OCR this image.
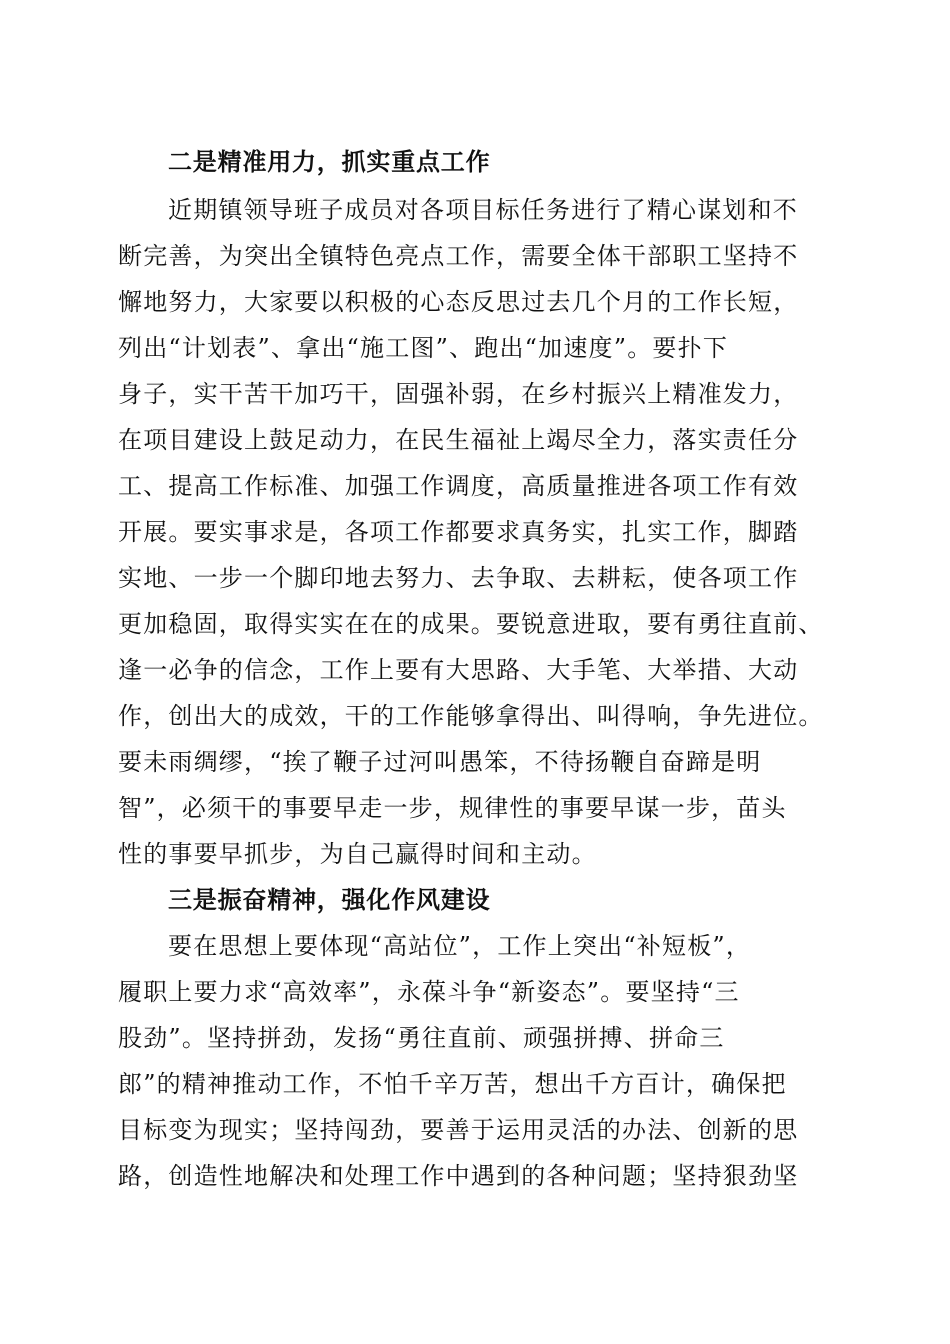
二是精准用力，抓实重点工作
近期镇领导班子成员对各项目标任务进行了精心谋划和不
断完善，为突出全镇特色亮点工作，需要全体干部职工坚持不
懈地努力，大家要以积极的心态反思过去几个月的工作长短，
列出“计划表”、拿出“施工图”、跑出“加速度”。要扑下
身子，实干苦干加巧干，固强补弱，在乡村振兴上精准发力，
在项目建设上鼓足动力，在民生福祉上竭尽全力，落实责任分
工、提高工作标准、加强工作调度，高质量推进各项工作有效
开展。要实事求是，各项工作都要求真务实，扎实工作，脚踏
实地、一步一个脚印地去努力、去争取、去耕耘，使各项工作
更加稳固，取得实实在在的成果。要锐意进取，要有勇往直前、
逢一必争的信念，工作上要有大思路、大手笔、大举措、大动
作，创出大的成效，干的工作能够拿得出、叫得响，争先进位。
要未雨绸缪，“挨了鞭子过河叫愚笨，不待扬鞭自奋蹄是明
智”，必须干的事要早走一步，规律性的事要早谋一步，苗头
性的事要早抓步，为自己赢得时间和主动。
三是振奋精神，强化作风建设
要在思想上要体现“高站位”，工作上突出“补短板”，
履职上要力求“高效率”，永葆斗争“新姿态”。要坚持“三
股劲”。坚持拼劲，发扬“勇往直前、顽强拼搏、拼命三
郎”的精神推动工作，不怕千辛万苦，想出千方百计，确保把
目标变为现实；坚持闯劲，要善于运用灵活的办法、创新的思
路，创造性地解决和处理工作中遇到的各种问题；坚持狠劲坚
